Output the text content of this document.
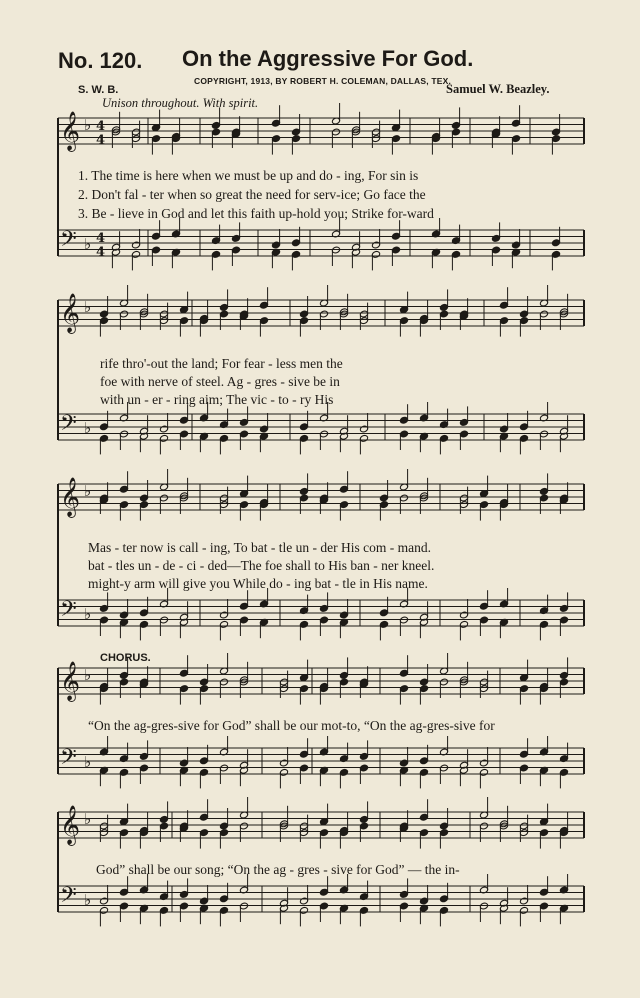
No. 120. On the Aggressive For God.
COPYRIGHT, 1913, BY ROBERT H. COLEMAN, DALLAS, TEX.
S. W. B.	Samuel W. Beazley.
Unison throughout. With spirit.
CHORUS.
1. The time is here when we must be up and do - ing, For sin is
2. Don't fal - ter when so great the need for serv-ice; Go face the
3. Be - lieve in God and let this faith up-hold you; Strike for-ward
rife thro'-out the land; For fear - less men the
foe with nerve of steel. Ag - gres - sive be in
with un - er - ring aim; The vic - to - ry His
Mas - ter now is call - ing, To bat - tle un - der His com - mand.
bat - tles un - de - ci - ded—The foe shall to His ban - ner kneel.
might-y arm will give you While do - ing bat - tle in His name.
“On the ag-gres-sive for God” shall be our mot-to, “On the ag-gres-sive for
God” shall be our song; “On the ag - gres - sive for God” — the in-
𝄞 ♭ 4
4
𝄢 ♭ 4
4
𝄞 ♭
𝄢 ♭
𝄞 ♭
𝄢 ♭
𝄞 ♭
𝄢 ♭
𝄞 ♭
𝄢 ♭
